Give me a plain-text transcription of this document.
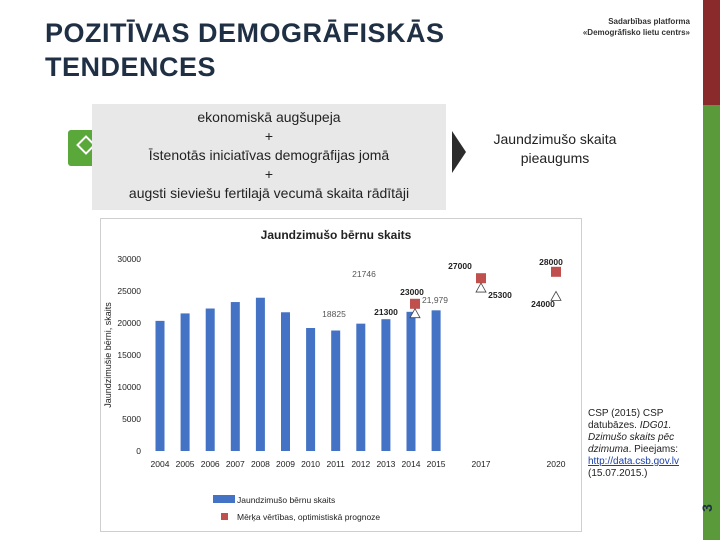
POZITĪVAS DEMOGRĀFISKĀS
TENDENCES
Sadarbības platforma
«Demogrāfisko lietu centrs»
ekonomiskā augšupeja
+
Īstenotās iniciatīvas demogrāfijas jomā
+
augsti sieviešu fertilajā vecumā skaita rādītāji
Jaundzimušo skaita
pieaugums
Jaundzimušo bērnu skaits
Jaundzimušie bērni, skaits
0
5000
10000
15000
20000
25000
30000
2004 2005 2006 2007 2008 2009 2010 2011 2012 2013 2014 2015	2017	2020
23000
27000	28000
21300
25300
24000
18825
21746
21,979
Jaundzimušo bērnu skaits
Mērķa vērtības, optimistiskā prognoze
CSP (2015) CSP datubāzes. IDG01. Dzimušo skaits pēc dzimuma. Pieejams: http://data.csb.gov.lv (15.07.2015.)
3
